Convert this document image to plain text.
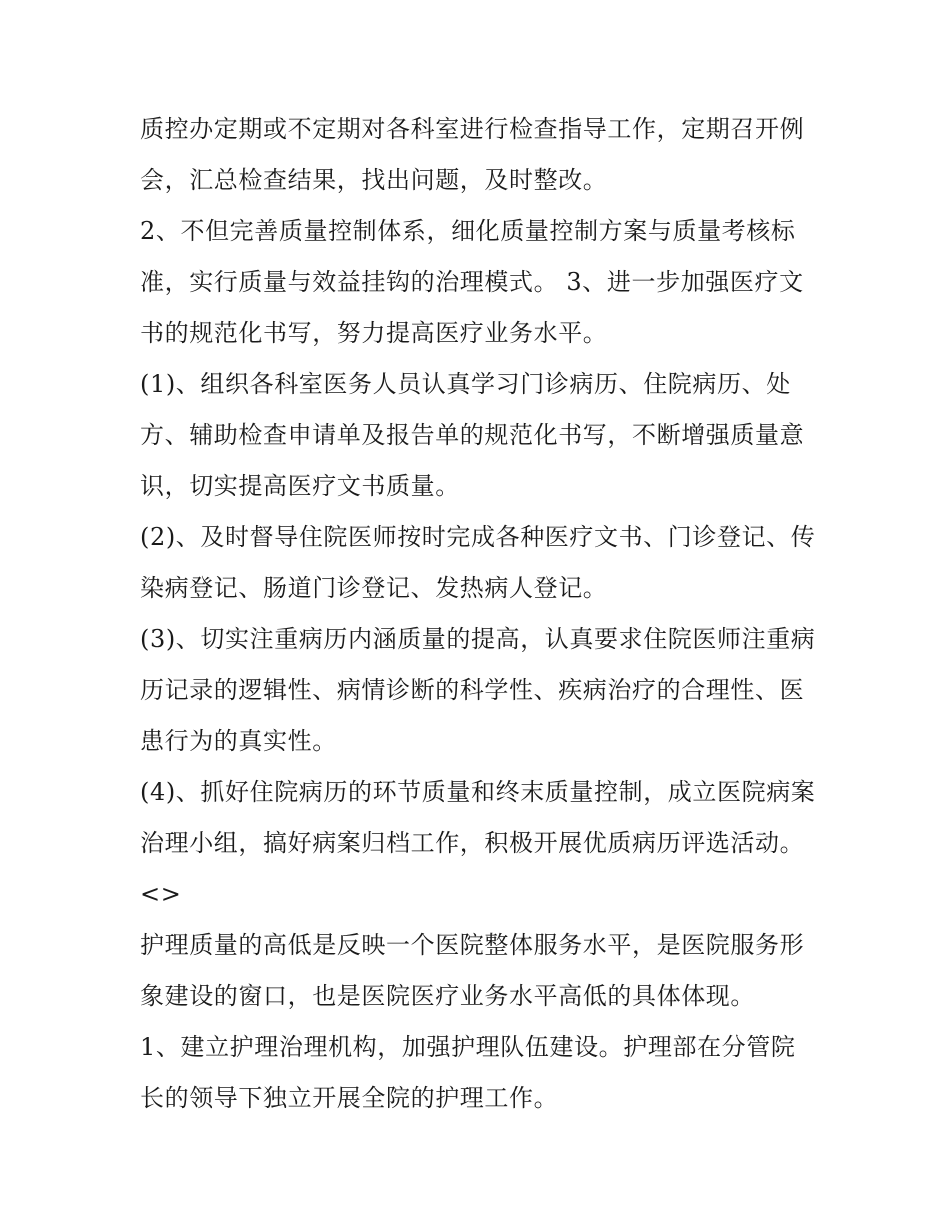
质控办定期或不定期对各科室进行检查指导工作，定期召开例会，汇总检查结果，找出问题，及时整改。

2、不但完善质量控制体系，细化质量控制方案与质量考核标准，实行质量与效益挂钩的治理模式。 3、进一步加强医疗文书的规范化书写，努力提高医疗业务水平。

(1)、组织各科室医务人员认真学习门诊病历、住院病历、处方、辅助检查申请单及报告单的规范化书写，不断增强质量意识，切实提高医疗文书质量。

(2)、及时督导住院医师按时完成各种医疗文书、门诊登记、传染病登记、肠道门诊登记、发热病人登记。

(3)、切实注重病历内涵质量的提高，认真要求住院医师注重病历记录的逻辑性、病情诊断的科学性、疾病治疗的合理性、医患行为的真实性。

(4)、抓好住院病历的环节质量和终末质量控制，成立医院病案治理小组，搞好病案归档工作，积极开展优质病历评选活动。 <>

护理质量的高低是反映一个医院整体服务水平，是医院服务形象建设的窗口，也是医院医疗业务水平高低的具体体现。

1、建立护理治理机构，加强护理队伍建设。护理部在分管院长的领导下独立开展全院的护理工作。
